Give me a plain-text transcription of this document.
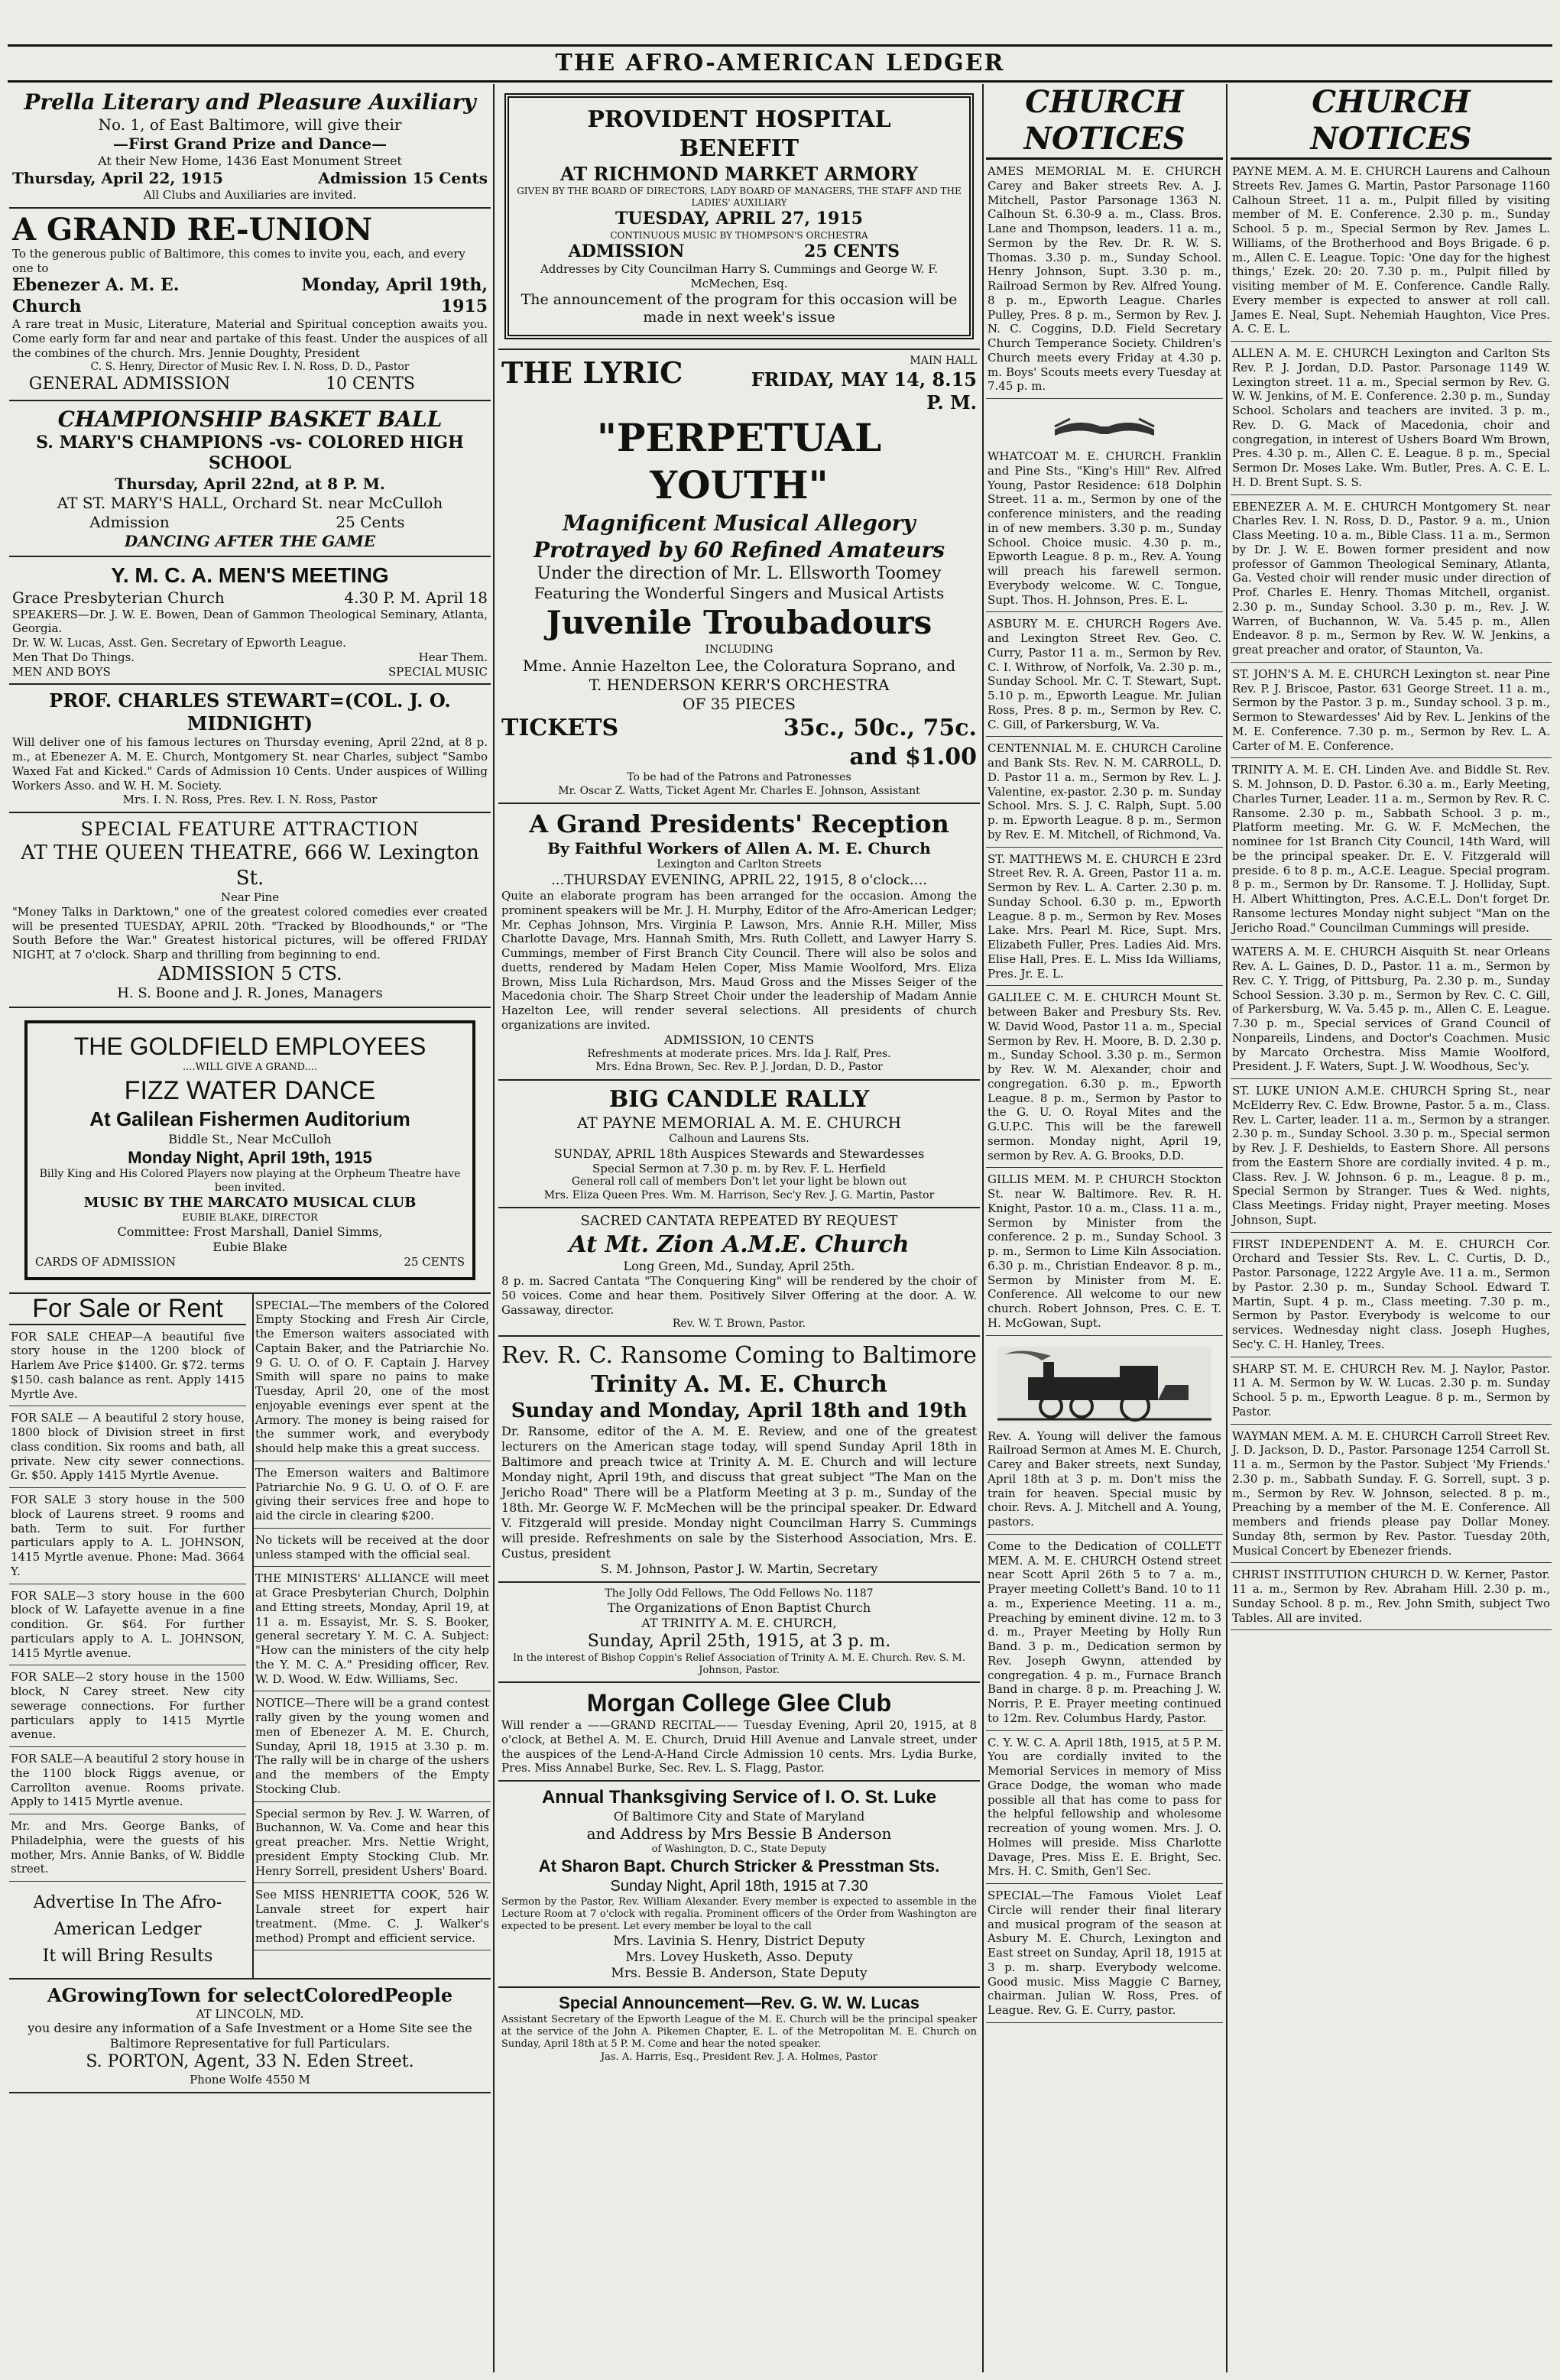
THE AFRO-AMERICAN LEDGER
Prella Literary and Pleasure Auxiliary
No. 1, of East Baltimore, will give their
—First Grand Prize and Dance—
At their New Home, 1436 East Monument Street
Thursday, April 22, 1915	Admission 15 Cents
All Clubs and Auxiliaries are invited.
A GRAND RE-UNION
To the generous public of Baltimore, this comes to invite you, each, and every one to
Ebenezer A. M. E. Church
Monday, April 19th, 1915
A rare treat in Music, Literature, Material and Spiritual conception awaits you. Come early form far and near and partake of this feast. Under the auspices of all the combines of the church. Mrs. Jennie Doughty, President
C. S. Henry, Director of Music Rev. I. N. Ross, D. D., Pastor
GENERAL ADMISSION	10 CENTS
CHAMPIONSHIP BASKET BALL
S. MARY'S CHAMPIONS -vs- COLORED HIGH SCHOOL
Thursday, April 22nd, at 8 P. M.
AT ST. MARY'S HALL, Orchard St. near McCulloh
Admission	25 Cents
DANCING AFTER THE GAME
Y. M. C. A. MEN'S MEETING
Grace Presbyterian Church	4.30 P. M. April 18
SPEAKERS—Dr. J. W. E. Bowen, Dean of Gammon Theological Seminary, Atlanta, Georgia.
Dr. W. W. Lucas, Asst. Gen. Secretary of Epworth League.
Men That Do Things.	Hear Them.
MEN AND BOYS	SPECIAL MUSIC
PROF. CHARLES STEWART=(COL. J. O. MIDNIGHT)
Will deliver one of his famous lectures on Thursday evening, April 22nd, at 8 p. m., at Ebenezer A. M. E. Church, Montgomery St. near Charles, subject "Sambo Waxed Fat and Kicked." Cards of Admission 10 Cents. Under auspices of Willing Workers Asso. and W. H. M. Society.
Mrs. I. N. Ross, Pres. Rev. I. N. Ross, Pastor
SPECIAL FEATURE ATTRACTION
AT THE QUEEN THEATRE, 666 W. Lexington St.
Near Pine
"Money Talks in Darktown," one of the greatest colored comedies ever created will be presented TUESDAY, APRIL 20th. "Tracked by Bloodhounds," or "The South Before the War." Greatest historical pictures, will be offered FRIDAY NIGHT, at 7 o'clock. Sharp and thrilling from beginning to end.
ADMISSION 5 CTS.
H. S. Boone and J. R. Jones, Managers
THE GOLDFIELD EMPLOYEES
....WILL GIVE A GRAND....
FIZZ WATER DANCE
At Galilean Fishermen Auditorium
Biddle St., Near McCulloh
Monday Night, April 19th, 1915
Billy King and His Colored Players now playing at the Orpheum Theatre have been invited.
MUSIC BY THE MARCATO MUSICAL CLUB
EUBIE BLAKE, DIRECTOR
Committee: Frost Marshall, Daniel Simms,
Eubie Blake
CARDS OF ADMISSION	25 CENTS
For Sale or Rent
FOR SALE CHEAP—A beautiful five story house in the 1200 block of Harlem Ave Price $1400. Gr. $72. terms $150. cash balance as rent. Apply 1415 Myrtle Ave.
FOR SALE — A beautiful 2 story house, 1800 block of Division street in first class condition. Six rooms and bath, all private. New city sewer connections. Gr. $50. Apply 1415 Myrtle Avenue.
FOR SALE 3 story house in the 500 block of Laurens street. 9 rooms and bath. Term to suit. For further particulars apply to A. L. JOHNSON, 1415 Myrtle avenue. Phone: Mad. 3664 Y.
FOR SALE—3 story house in the 600 block of W. Lafayette avenue in a fine condition. Gr. $64. For further particulars apply to A. L. JOHNSON, 1415 Myrtle avenue.
FOR SALE—2 story house in the 1500 block, N Carey street. New city sewerage connections. For further particulars apply to 1415 Myrtle avenue.
FOR SALE—A beautiful 2 story house in the 1100 block Riggs avenue, or Carrollton avenue. Rooms private. Apply to 1415 Myrtle avenue.
Mr. and Mrs. George Banks, of Philadelphia, were the guests of his mother, Mrs. Annie Banks, of W. Biddle street.
Advertise In The Afro-
American Ledger
It will Bring Results
SPECIAL—The members of the Colored Empty Stocking and Fresh Air Circle, the Emerson waiters associated with Captain Baker, and the Patriarchie No. 9 G. U. O. of O. F. Captain J. Harvey Smith will spare no pains to make Tuesday, April 20, one of the most enjoyable evenings ever spent at the Armory. The money is being raised for the summer work, and everybody should help make this a great success.
The Emerson waiters and Baltimore Patriarchie No. 9 G. U. O. of O. F. are giving their services free and hope to aid the circle in clearing $200.
No tickets will be received at the door unless stamped with the official seal.
THE MINISTERS' ALLIANCE will meet at Grace Presbyterian Church, Dolphin and Etting streets, Monday, April 19, at 11 a. m. Essayist, Mr. S. S. Booker, general secretary Y. M. C. A. Subject: "How can the ministers of the city help the Y. M. C. A." Presiding officer, Rev. W. D. Wood. W. Edw. Williams, Sec.
NOTICE—There will be a grand contest rally given by the young women and men of Ebenezer A. M. E. Church, Sunday, April 18, 1915 at 3.30 p. m. The rally will be in charge of the ushers and the members of the Empty Stocking Club.
Special sermon by Rev. J. W. Warren, of Buchannon, W. Va. Come and hear this great preacher. Mrs. Nettie Wright, president Empty Stocking Club. Mr. Henry Sorrell, president Ushers' Board.
See MISS HENRIETTA COOK, 526 W. Lanvale street for expert hair treatment. (Mme. C. J. Walker's method) Prompt and efficient service.
AGrowingTown for selectColoredPeople
AT LINCOLN, MD.
you desire any information of a Safe Investment or a Home Site see the Baltimore Representative for full Particulars.
S. PORTON, Agent, 33 N. Eden Street.
Phone Wolfe 4550 M
PROVIDENT HOSPITAL
BENEFIT
AT RICHMOND MARKET ARMORY
GIVEN BY THE BOARD OF DIRECTORS, LADY BOARD OF MANAGERS, THE STAFF AND THE LADIES' AUXILIARY
TUESDAY, APRIL 27, 1915
CONTINUOUS MUSIC BY THOMPSON'S ORCHESTRA
ADMISSION	25 CENTS
Addresses by City Councilman Harry S. Cummings and George W. F. McMechen, Esq.
The announcement of the program for this occasion will be made in next week's issue
THE LYRIC	MAIN HALL
FRIDAY, MAY 14, 8.15 P. M.
"PERPETUAL YOUTH"
Magnificent Musical Allegory
Protrayed by 60 Refined Amateurs
Under the direction of Mr. L. Ellsworth Toomey
Featuring the Wonderful Singers and Musical Artists
Juvenile Troubadours
INCLUDING
Mme. Annie Hazelton Lee, the Coloratura Soprano, and
T. HENDERSON KERR'S ORCHESTRA
OF 35 PIECES
TICKETS	35c., 50c., 75c. and $1.00
To be had of the Patrons and Patronesses
Mr. Oscar Z. Watts, Ticket Agent Mr. Charles E. Johnson, Assistant
A Grand Presidents' Reception
By Faithful Workers of Allen A. M. E. Church
Lexington and Carlton Streets
...THURSDAY EVENING, APRIL 22, 1915, 8 o'clock....
Quite an elaborate program has been arranged for the occasion. Among the prominent speakers will be Mr. J. H. Murphy, Editor of the Afro-American Ledger; Mr. Cephas Johnson, Mrs. Virginia P. Lawson, Mrs. Annie R.H. Miller, Miss Charlotte Davage, Mrs. Hannah Smith, Mrs. Ruth Collett, and Lawyer Harry S. Cummings, member of First Branch City Council. There will also be solos and duetts, rendered by Madam Helen Coper, Miss Mamie Woolford, Mrs. Eliza Brown, Miss Lula Richardson, Mrs. Maud Gross and the Misses Seiger of the Macedonia choir. The Sharp Street Choir under the leadership of Madam Annie Hazelton Lee, will render several selections. All presidents of church organizations are invited.
ADMISSION, 10 CENTS
Refreshments at moderate prices. Mrs. Ida J. Ralf, Pres.
Mrs. Edna Brown, Sec. Rev. P. J. Jordan, D. D., Pastor
BIG CANDLE RALLY
AT PAYNE MEMORIAL A. M. E. CHURCH
Calhoun and Laurens Sts.
SUNDAY, APRIL 18th Auspices Stewards and Stewardesses
Special Sermon at 7.30 p. m. by Rev. F. L. Herfield
General roll call of members Don't let your light be blown out
Mrs. Eliza Queen Pres. Wm. M. Harrison, Sec'y Rev. J. G. Martin, Pastor
SACRED CANTATA REPEATED BY REQUEST
At Mt. Zion A.M.E. Church
Long Green, Md., Sunday, April 25th.
8 p. m. Sacred Cantata "The Conquering King" will be rendered by the choir of 50 voices. Come and hear them. Positively Silver Offering at the door. A. W. Gassaway, director.
Rev. W. T. Brown, Pastor.
Rev. R. C. Ransome Coming to Baltimore
Trinity A. M. E. Church
Sunday and Monday, April 18th and 19th
Dr. Ransome, editor of the A. M. E. Review, and one of the greatest lecturers on the American stage today, will spend Sunday April 18th in Baltimore and preach twice at Trinity A. M. E. Church and will lecture Monday night, April 19th, and discuss that great subject "The Man on the Jericho Road" There will be a Platform Meeting at 3 p. m., Sunday of the 18th. Mr. George W. F. McMechen will be the principal speaker. Dr. Edward V. Fitzgerald will preside. Monday night Councilman Harry S. Cummings will preside. Refreshments on sale by the Sisterhood Association, Mrs. E. Custus, president
S. M. Johnson, Pastor J. W. Martin, Secretary
The Jolly Odd Fellows, The Odd Fellows No. 1187
The Organizations of Enon Baptist Church
AT TRINITY A. M. E. CHURCH,
Sunday, April 25th, 1915, at 3 p. m.
In the interest of Bishop Coppin's Relief Association of Trinity A. M. E. Church. Rev. S. M. Johnson, Pastor.
Morgan College Glee Club
Will render a ——GRAND RECITAL—— Tuesday Evening, April 20, 1915, at 8 o'clock, at Bethel A. M. E. Church, Druid Hill Avenue and Lanvale street, under the auspices of the Lend-A-Hand Circle Admission 10 cents. Mrs. Lydia Burke, Pres. Miss Annabel Burke, Sec. Rev. L. S. Flagg, Pastor.
Annual Thanksgiving Service of I. O. St. Luke
Of Baltimore City and State of Maryland
and Address by Mrs Bessie B Anderson
of Washington, D. C., State Deputy
At Sharon Bapt. Church Stricker & Presstman Sts.
Sunday Night, April 18th, 1915 at 7.30
Sermon by the Pastor, Rev. William Alexander. Every member is expected to assemble in the Lecture Room at 7 o'clock with regalia. Prominent officers of the Order from Washington are expected to be present. Let every member be loyal to the call
Mrs. Lavinia S. Henry, District Deputy
Mrs. Lovey Husketh, Asso. Deputy
Mrs. Bessie B. Anderson, State Deputy
Special Announcement—Rev. G. W. W. Lucas
Assistant Secretary of the Epworth League of the M. E. Church will be the principal speaker at the service of the John A. Pikemen Chapter, E. L. of the Metropolitan M. E. Church on Sunday, April 18th at 5 P. M. Come and hear the noted speaker.
Jas. A. Harris, Esq., President Rev. J. A. Holmes, Pastor
CHURCH NOTICES
AMES MEMORIAL M. E. CHURCH Carey and Baker streets Rev. A. J. Mitchell, Pastor Parsonage 1363 N. Calhoun St. 6.30-9 a. m., Class. Bros. Lane and Thompson, leaders. 11 a. m., Sermon by the Rev. Dr. R. W. S. Thomas. 3.30 p. m., Sunday School. Henry Johnson, Supt. 3.30 p. m., Railroad Sermon by Rev. Alfred Young. 8 p. m., Epworth League. Charles Pulley, Pres. 8 p. m., Sermon by Rev. J. N. C. Coggins, D.D. Field Secretary Church Temperance Society. Children's Church meets every Friday at 4.30 p. m. Boys' Scouts meets every Tuesday at 7.45 p. m.
WHATCOAT M. E. CHURCH. Franklin and Pine Sts., "King's Hill" Rev. Alfred Young, Pastor Residence: 618 Dolphin Street. 11 a. m., Sermon by one of the conference ministers, and the reading in of new members. 3.30 p. m., Sunday School. Choice music. 4.30 p. m., Epworth League. 8 p. m., Rev. A. Young will preach his farewell sermon. Everybody welcome. W. C. Tongue, Supt. Thos. H. Johnson, Pres. E. L.
ASBURY M. E. CHURCH Rogers Ave. and Lexington Street Rev. Geo. C. Curry, Pastor 11 a. m., Sermon by Rev. C. I. Withrow, of Norfolk, Va. 2.30 p. m., Sunday School. Mr. C. T. Stewart, Supt. 5.10 p. m., Epworth League. Mr. Julian Ross, Pres. 8 p. m., Sermon by Rev. C. C. Gill, of Parkersburg, W. Va.
CENTENNIAL M. E. CHURCH Caroline and Bank Sts. Rev. N. M. CARROLL, D. D. Pastor 11 a. m., Sermon by Rev. L. J. Valentine, ex-pastor. 2.30 p. m. Sunday School. Mrs. S. J. C. Ralph, Supt. 5.00 p. m. Epworth League. 8 p. m., Sermon by Rev. E. M. Mitchell, of Richmond, Va.
ST. MATTHEWS M. E. CHURCH E 23rd Street Rev. R. A. Green, Pastor 11 a. m. Sermon by Rev. L. A. Carter. 2.30 p. m. Sunday School. 6.30 p. m., Epworth League. 8 p. m., Sermon by Rev. Moses Lake. Mrs. Pearl M. Rice, Supt. Mrs. Elizabeth Fuller, Pres. Ladies Aid. Mrs. Elise Hall, Pres. E. L. Miss Ida Williams, Pres. Jr. E. L.
GALILEE C. M. E. CHURCH Mount St. between Baker and Presbury Sts. Rev. W. David Wood, Pastor 11 a. m., Special Sermon by Rev. H. Moore, B. D. 2.30 p. m., Sunday School. 3.30 p. m., Sermon by Rev. W. M. Alexander, choir and congregation. 6.30 p. m., Epworth League. 8 p. m., Sermon by Pastor to the G. U. O. Royal Mites and the G.U.P.C. This will be the farewell sermon. Monday night, April 19, sermon by Rev. A. G. Brooks, D.D.
GILLIS MEM. M. P. CHURCH Stockton St. near W. Baltimore. Rev. R. H. Knight, Pastor. 10 a. m., Class. 11 a. m., Sermon by Minister from the conference. 2 p. m., Sunday School. 3 p. m., Sermon to Lime Kiln Association. 6.30 p. m., Christian Endeavor. 8 p. m., Sermon by Minister from M. E. Conference. All welcome to our new church. Robert Johnson, Pres. C. E. T. H. McGowan, Supt.
Rev. A. Young will deliver the famous Railroad Sermon at Ames M. E. Church, Carey and Baker streets, next Sunday, April 18th at 3 p. m. Don't miss the train for heaven. Special music by choir. Revs. A. J. Mitchell and A. Young, pastors.
Come to the Dedication of COLLETT MEM. A. M. E. CHURCH Ostend street near Scott April 26th 5 to 7 a. m., Prayer meeting Collett's Band. 10 to 11 a. m., Experience Meeting. 11 a. m., Preaching by eminent divine. 12 m. to 3 d. m., Prayer Meeting by Holly Run Band. 3 p. m., Dedication sermon by Rev. Joseph Gwynn, attended by congregation. 4 p. m., Furnace Branch Band in charge. 8 p. m. Preaching J. W. Norris, P. E. Prayer meeting continued to 12m. Rev. Columbus Hardy, Pastor.
C. Y. W. C. A. April 18th, 1915, at 5 P. M. You are cordially invited to the Memorial Services in memory of Miss Grace Dodge, the woman who made possible all that has come to pass for the helpful fellowship and wholesome recreation of young women. Mrs. J. O. Holmes will preside. Miss Charlotte Davage, Pres. Miss E. E. Bright, Sec. Mrs. H. C. Smith, Gen'l Sec.
SPECIAL—The Famous Violet Leaf Circle will render their final literary and musical program of the season at Asbury M. E. Church, Lexington and East street on Sunday, April 18, 1915 at 3 p. m. sharp. Everybody welcome. Good music. Miss Maggie C Barney, chairman. Julian W. Ross, Pres. of League. Rev. G. E. Curry, pastor.
CHURCH NOTICES
PAYNE MEM. A. M. E. CHURCH Laurens and Calhoun Streets Rev. James G. Martin, Pastor Parsonage 1160 Calhoun Street. 11 a. m., Pulpit filled by visiting member of M. E. Conference. 2.30 p. m., Sunday School. 5 p. m., Special Sermon by Rev. James L. Williams, of the Brotherhood and Boys Brigade. 6 p. m., Allen C. E. League. Topic: 'One day for the highest things,' Ezek. 20: 20. 7.30 p. m., Pulpit filled by visiting member of M. E. Conference. Candle Rally. Every member is expected to answer at roll call. James E. Neal, Supt. Nehemiah Haughton, Vice Pres. A. C. E. L.
ALLEN A. M. E. CHURCH Lexington and Carlton Sts Rev. P. J. Jordan, D.D. Pastor. Parsonage 1149 W. Lexington street. 11 a. m., Special sermon by Rev. G. W. W. Jenkins, of M. E. Conference. 2.30 p. m., Sunday School. Scholars and teachers are invited. 3 p. m., Rev. D. G. Mack of Macedonia, choir and congregation, in interest of Ushers Board Wm Brown, Pres. 4.30 p. m., Allen C. E. League. 8 p. m., Special Sermon Dr. Moses Lake. Wm. Butler, Pres. A. C. E. L. H. D. Brent Supt. S. S.
EBENEZER A. M. E. CHURCH Montgomery St. near Charles Rev. I. N. Ross, D. D., Pastor. 9 a. m., Union Class Meeting. 10 a. m., Bible Class. 11 a. m., Sermon by Dr. J. W. E. Bowen former president and now professor of Gammon Theological Seminary, Atlanta, Ga. Vested choir will render music under direction of Prof. Charles E. Henry. Thomas Mitchell, organist. 2.30 p. m., Sunday School. 3.30 p. m., Rev. J. W. Warren, of Buchannon, W. Va. 5.45 p. m., Allen Endeavor. 8 p. m., Sermon by Rev. W. W. Jenkins, a great preacher and orator, of Staunton, Va.
ST. JOHN'S A. M. E. CHURCH Lexington st. near Pine Rev. P. J. Briscoe, Pastor. 631 George Street. 11 a. m., Sermon by the Pastor. 3 p. m., Sunday school. 3 p. m., Sermon to Stewardesses' Aid by Rev. L. Jenkins of the M. E. Conference. 7.30 p. m., Sermon by Rev. L. A. Carter of M. E. Conference.
TRINITY A. M. E. CH. Linden Ave. and Biddle St. Rev. S. M. Johnson, D. D. Pastor. 6.30 a. m., Early Meeting, Charles Turner, Leader. 11 a. m., Sermon by Rev. R. C. Ransome. 2.30 p. m., Sabbath School. 3 p. m., Platform meeting. Mr. G. W. F. McMechen, the nominee for 1st Branch City Council, 14th Ward, will be the principal speaker. Dr. E. V. Fitzgerald will preside. 6 to 8 p. m., A.C.E. League. Special program. 8 p. m., Sermon by Dr. Ransome. T. J. Holliday, Supt. H. Albert Whittington, Pres. A.C.E.L. Don't forget Dr. Ransome lectures Monday night subject "Man on the Jericho Road." Councilman Cummings will preside.
WATERS A. M. E. CHURCH Aisquith St. near Orleans Rev. A. L. Gaines, D. D., Pastor. 11 a. m., Sermon by Rev. C. Y. Trigg, of Pittsburg, Pa. 2.30 p. m., Sunday School Session. 3.30 p. m., Sermon by Rev. C. C. Gill, of Parkersburg, W. Va. 5.45 p. m., Allen C. E. League. 7.30 p. m., Special services of Grand Council of Nonpareils, Lindens, and Doctor's Coachmen. Music by Marcato Orchestra. Miss Mamie Woolford, President. J. F. Waters, Supt. J. W. Woodhous, Sec'y.
ST. LUKE UNION A.M.E. CHURCH Spring St., near McElderry Rev. C. Edw. Browne, Pastor. 5 a. m., Class. Rev. L. Carter, leader. 11 a. m., Sermon by a stranger. 2.30 p. m., Sunday School. 3.30 p. m., Special sermon by Rev. J. F. Deshields, to Eastern Shore. All persons from the Eastern Shore are cordially invited. 4 p. m., Class. Rev. J. W. Johnson. 6 p. m., League. 8 p. m., Special Sermon by Stranger. Tues & Wed. nights, Class Meetings. Friday night, Prayer meeting. Moses Johnson, Supt.
FIRST INDEPENDENT A. M. E. CHURCH Cor. Orchard and Tessier Sts. Rev. L. C. Curtis, D. D., Pastor. Parsonage, 1222 Argyle Ave. 11 a. m., Sermon by Pastor. 2.30 p. m., Sunday School. Edward T. Martin, Supt. 4 p. m., Class meeting. 7.30 p. m., Sermon by Pastor. Everybody is welcome to our services. Wednesday night class. Joseph Hughes, Sec'y. C. H. Hanley, Trees.
SHARP ST. M. E. CHURCH Rev. M. J. Naylor, Pastor. 11 A. M. Sermon by W. W. Lucas. 2.30 p. m. Sunday School. 5 p. m., Epworth League. 8 p. m., Sermon by Pastor.
WAYMAN MEM. A. M. E. CHURCH Carroll Street Rev. J. D. Jackson, D. D., Pastor. Parsonage 1254 Carroll St. 11 a. m., Sermon by the Pastor. Subject 'My Friends.' 2.30 p. m., Sabbath Sunday. F. G. Sorrell, supt. 3 p. m., Sermon by Rev. W. Johnson, selected. 8 p. m., Preaching by a member of the M. E. Conference. All members and friends please pay Dollar Money. Sunday 8th, sermon by Rev. Pastor. Tuesday 20th, Musical Concert by Ebenezer friends.
CHRIST INSTITUTION CHURCH D. W. Kerner, Pastor. 11 a. m., Sermon by Rev. Abraham Hill. 2.30 p. m., Sunday School. 8 p. m., Rev. John Smith, subject Two Tables. All are invited.
